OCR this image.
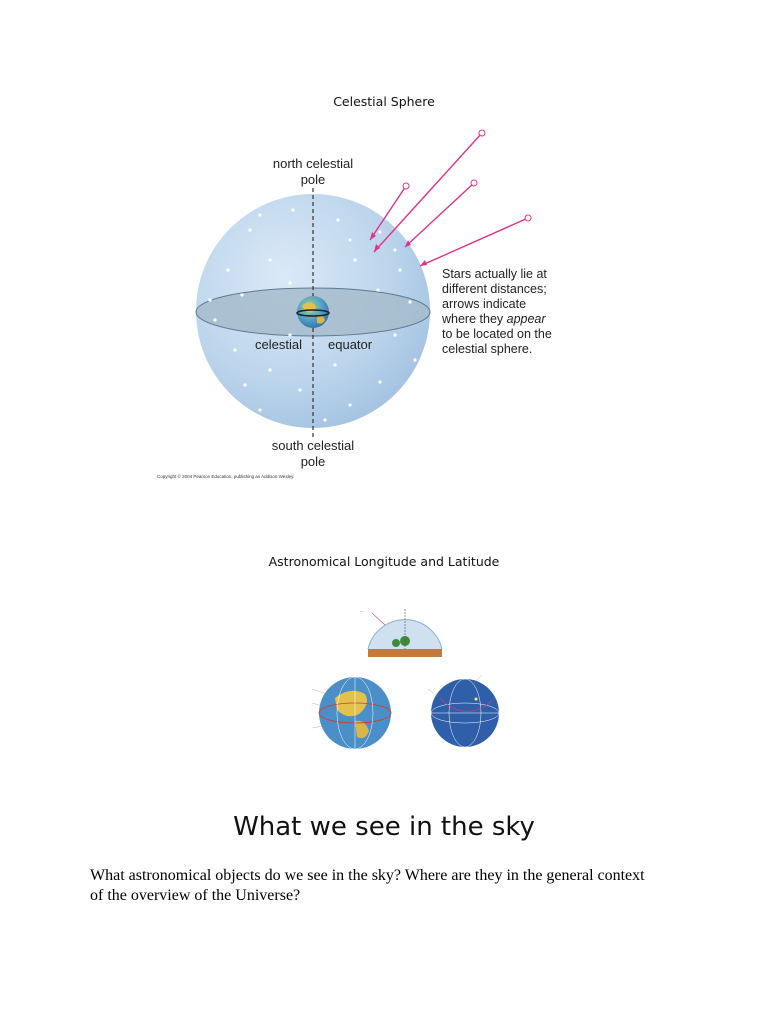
Celestial Sphere
north celestial
pole
celestial equator
south celestial
pole
Stars actually lie at
different distances;
arrows indicate
where they appear
to be located on the
celestial sphere.
Copyright © 2004 Pearson Education, publishing as Addison Wesley.
Astronomical Longitude and Latitude
—
What we see in the sky
What astronomical objects do we see in the sky? Where are they in the general context of the overview of the Universe?
